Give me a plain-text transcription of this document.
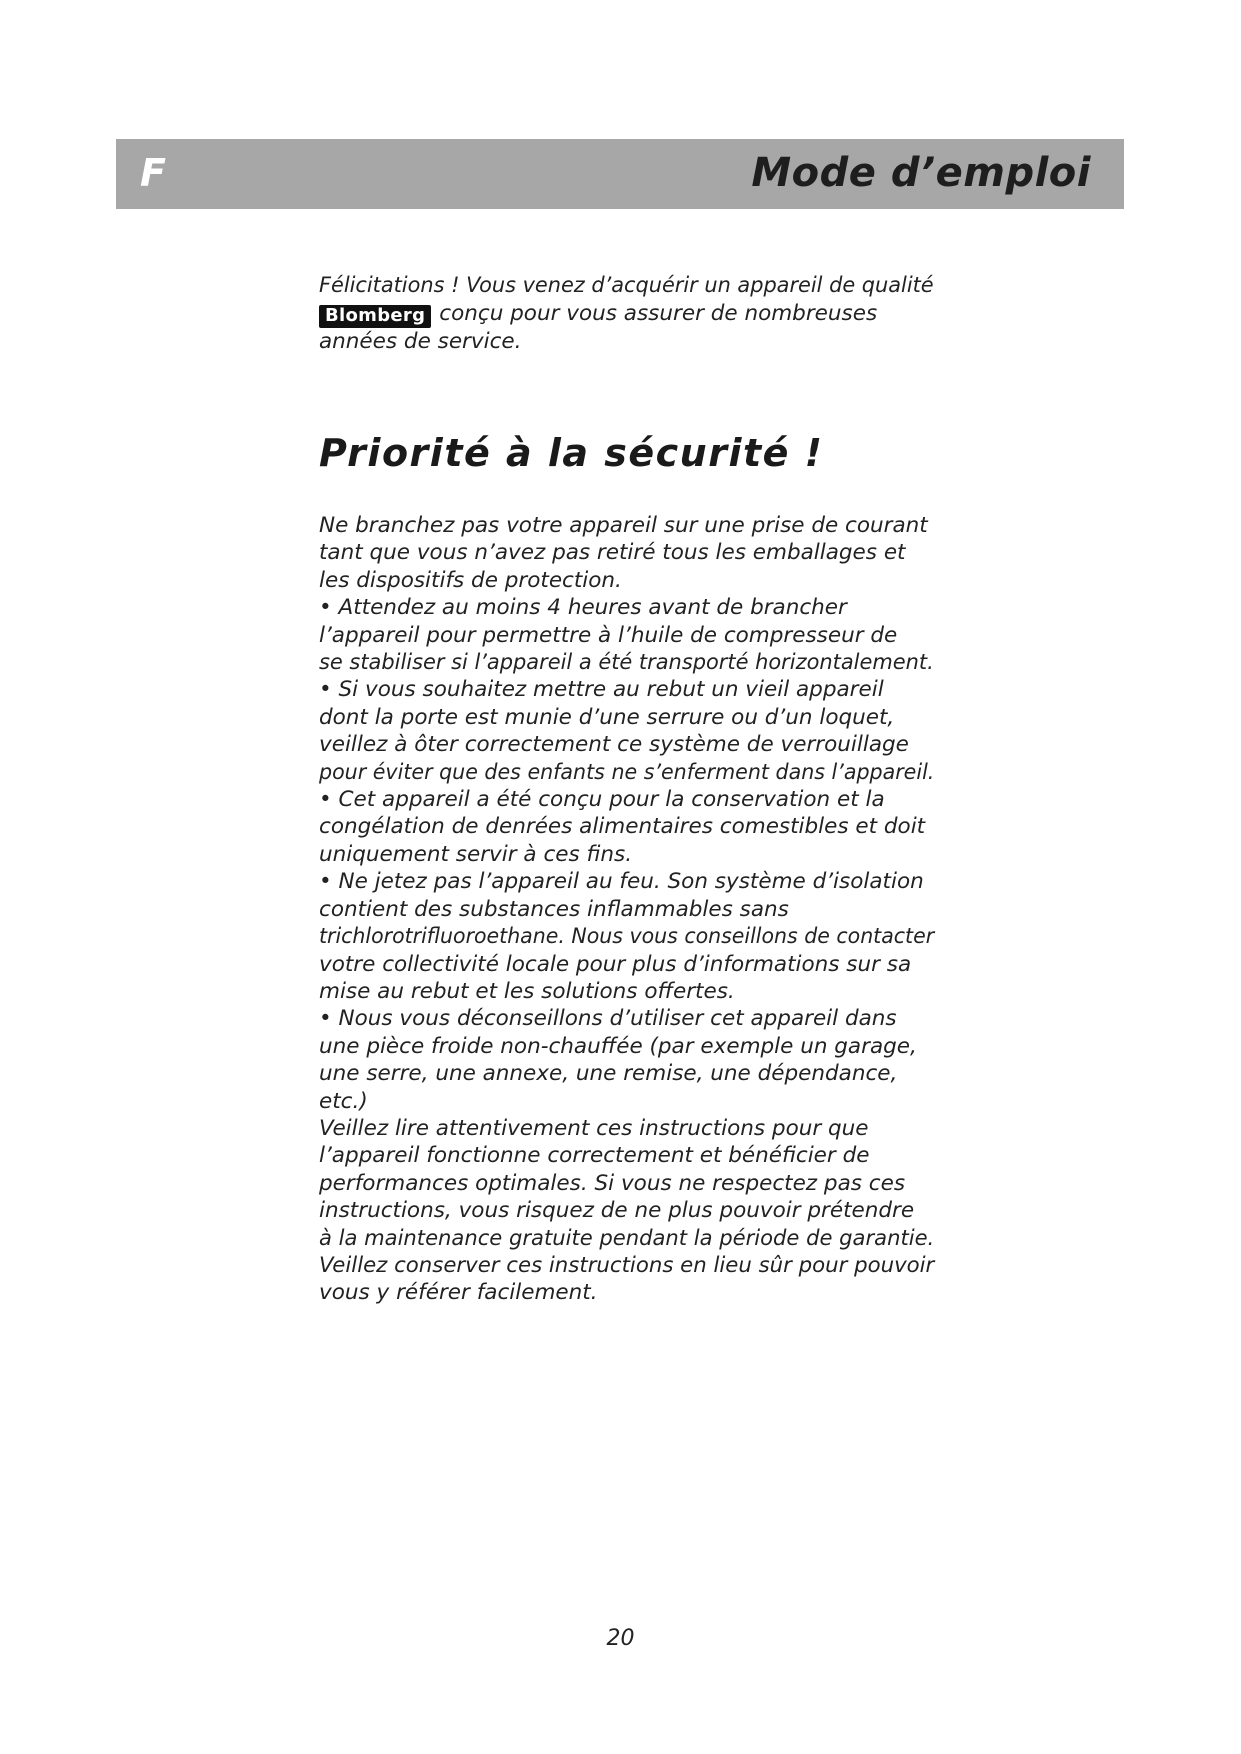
F	Mode d’emploi
Félicitations ! Vous venez d’acquérir un appareil de qualité
Blomberg conçu pour vous assurer de nombreuses
années de service.
Priorité à la sécurité !
Ne branchez pas votre appareil sur une prise de courant
tant que vous n’avez pas retiré tous les emballages et
les dispositifs de protection.
• Attendez au moins 4 heures avant de brancher
l’appareil pour permettre à l’huile de compresseur de
se stabiliser si l’appareil a été transporté horizontalement.
• Si vous souhaitez mettre au rebut un vieil appareil
dont la porte est munie d’une serrure ou d’un loquet,
veillez à ôter correctement ce système de verrouillage
pour éviter que des enfants ne s’enferment dans l’appareil.
• Cet appareil a été conçu pour la conservation et la
congélation de denrées alimentaires comestibles et doit
uniquement servir à ces fins.
• Ne jetez pas l’appareil au feu. Son système d’isolation
contient des substances inflammables sans
trichlorotrifluoroethane. Nous vous conseillons de contacter
votre collectivité locale pour plus d’informations sur sa
mise au rebut et les solutions offertes.
• Nous vous déconseillons d’utiliser cet appareil dans
une pièce froide non-chauffée (par exemple un garage,
une serre, une annexe, une remise, une dépendance,
etc.)
Veillez lire attentivement ces instructions pour que
l’appareil fonctionne correctement et bénéficier de
performances optimales. Si vous ne respectez pas ces
instructions, vous risquez de ne plus pouvoir prétendre
à la maintenance gratuite pendant la période de garantie.
Veillez conserver ces instructions en lieu sûr pour pouvoir
vous y référer facilement.
20
